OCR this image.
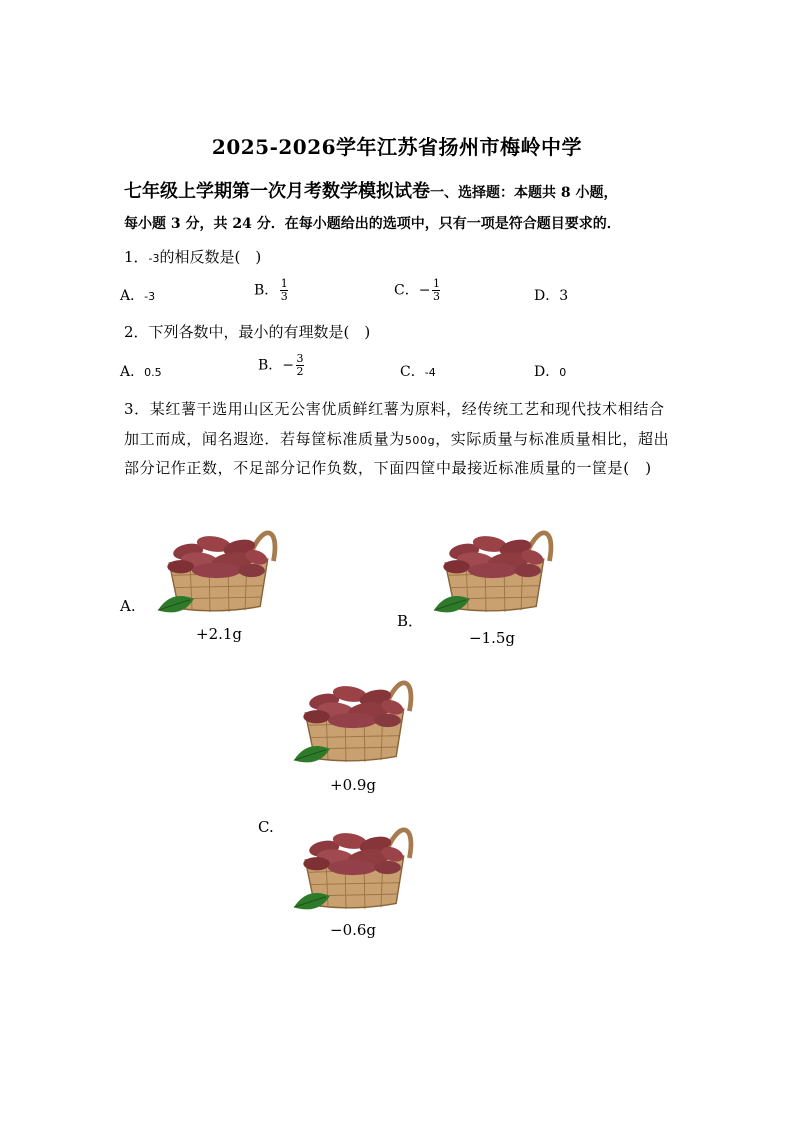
2025-2026学年江苏省扬州市梅岭中学
七年级上学期第一次月考数学模拟试卷一、选择题：本题共 8 小题，
每小题 3 分，共 24 分．在每小题给出的选项中，只有一项是符合题目要求的．
1．-3的相反数是(　)
A．-3	B． $\frac{1}{3}$	C．− $\frac{1}{3}$	D．3
2．下列各数中，最小的有理数是(　)
A．0.5	B．− $\frac{3}{2}$	C．-4	D．0
3．某红薯干选用山区无公害优质鲜红薯为原料，经传统工艺和现代技术相结合
加工而成，闻名遐迩．若每筐标准质量为500g，实际质量与标准质量相比，超出
部分记作正数，不足部分记作负数，下面四筐中最接近标准质量的一筐是(　)
A.
+2.1g
B．
−1.5g
+0.9g
C.
−0.6g
